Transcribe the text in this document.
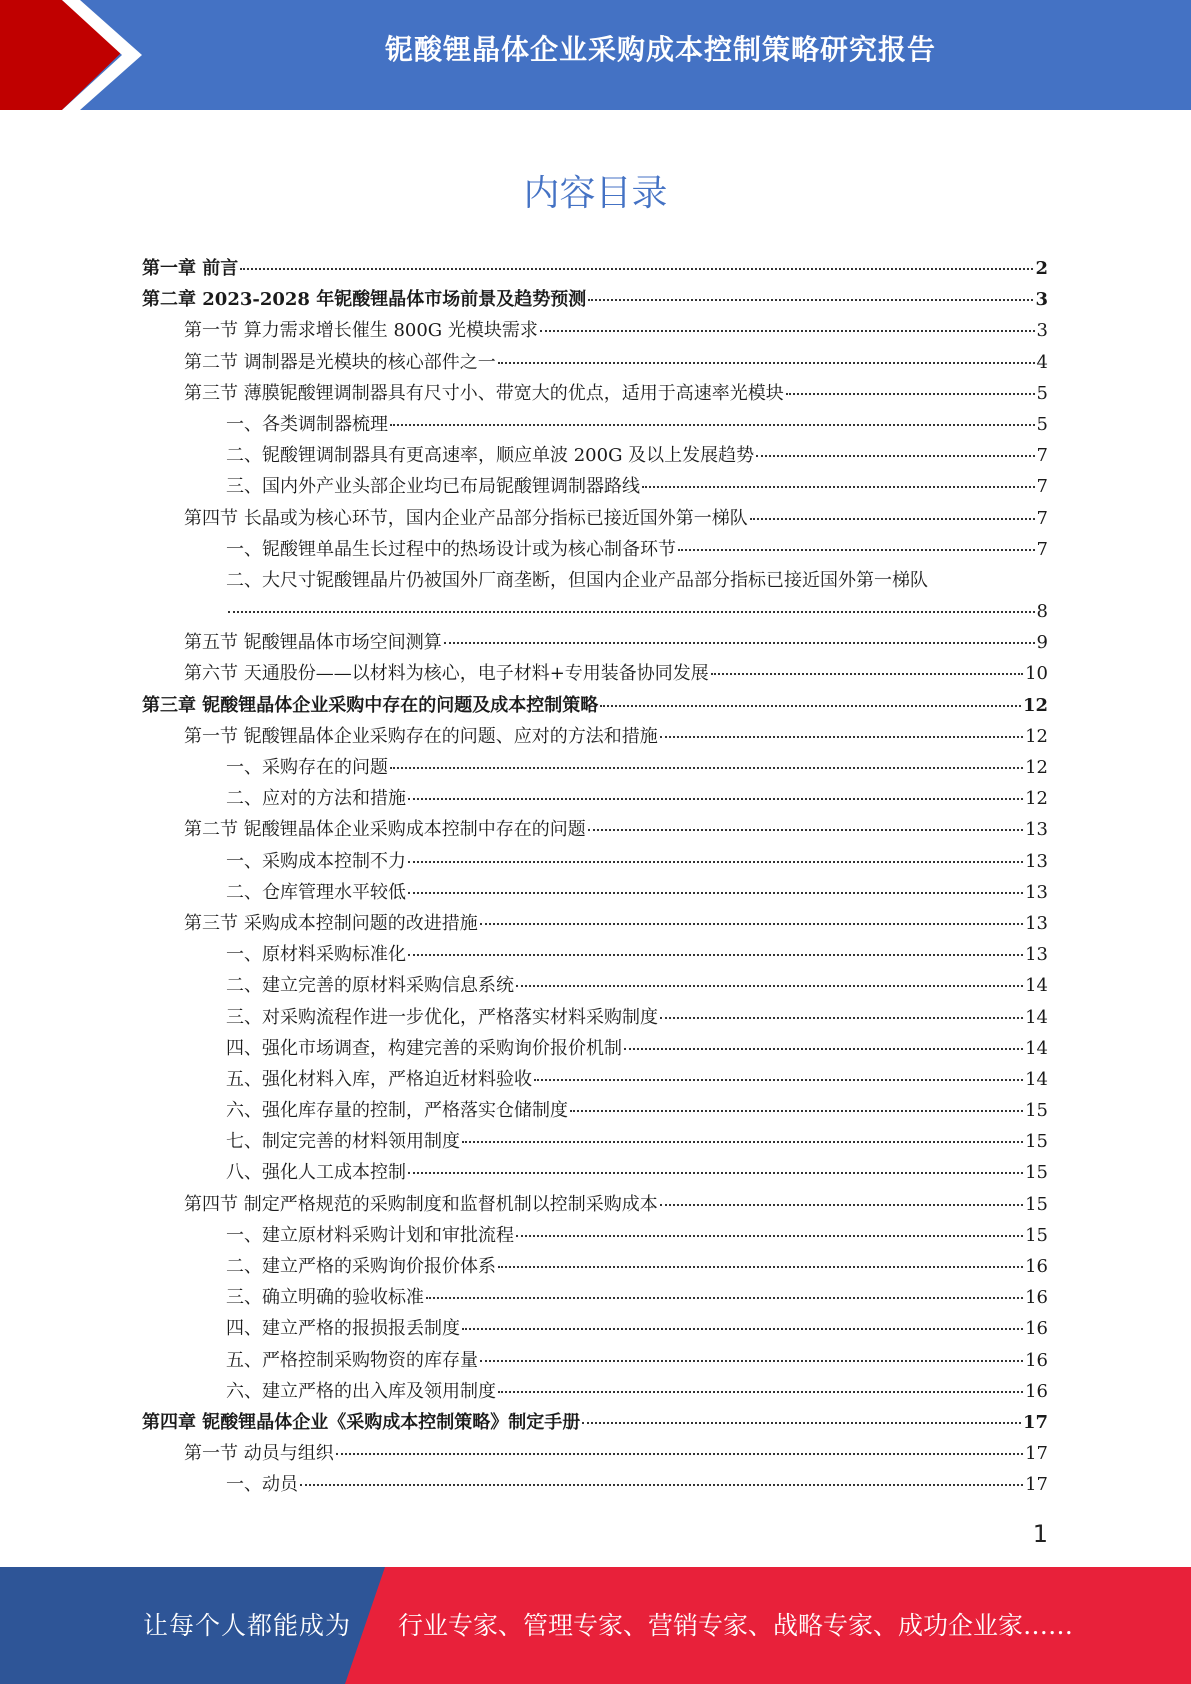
铌酸锂晶体企业采购成本控制策略研究报告
内容目录
第一章 前言	2
第二章 2023-2028 年铌酸锂晶体市场前景及趋势预测	3
第一节 算力需求增长催生 800G 光模块需求	3
第二节 调制器是光模块的核心部件之一	4
第三节 薄膜铌酸锂调制器具有尺寸小、带宽大的优点，适用于高速率光模块	5
一、各类调制器梳理	5
二、铌酸锂调制器具有更高速率，顺应单波 200G 及以上发展趋势	7
三、国内外产业头部企业均已布局铌酸锂调制器路线	7
第四节 长晶或为核心环节，国内企业产品部分指标已接近国外第一梯队	7
一、铌酸锂单晶生长过程中的热场设计或为核心制备环节	7
二、大尺寸铌酸锂晶片仍被国外厂商垄断，但国内企业产品部分指标已接近国外第一梯队
8
第五节 铌酸锂晶体市场空间测算	9
第六节 天通股份——以材料为核心，电子材料+专用装备协同发展	10
第三章 铌酸锂晶体企业采购中存在的问题及成本控制策略	12
第一节 铌酸锂晶体企业采购存在的问题、应对的方法和措施	12
一、采购存在的问题	12
二、应对的方法和措施	12
第二节 铌酸锂晶体企业采购成本控制中存在的问题	13
一、采购成本控制不力	13
二、仓库管理水平较低	13
第三节 采购成本控制问题的改进措施	13
一、原材料采购标准化	13
二、建立完善的原材料采购信息系统	14
三、对采购流程作进一步优化，严格落实材料采购制度	14
四、强化市场调查，构建完善的采购询价报价机制	14
五、强化材料入库，严格迫近材料验收	14
六、强化库存量的控制，严格落实仓储制度	15
七、制定完善的材料领用制度	15
八、强化人工成本控制	15
第四节 制定严格规范的采购制度和监督机制以控制采购成本	15
一、建立原材料采购计划和审批流程	15
二、建立严格的采购询价报价体系	16
三、确立明确的验收标准	16
四、建立严格的报损报丢制度	16
五、严格控制采购物资的库存量	16
六、建立严格的出入库及领用制度	16
第四章 铌酸锂晶体企业《采购成本控制策略》制定手册	17
第一节 动员与组织	17
一、动员	17
1
让每个人都能成为 行业专家、管理专家、营销专家、战略专家、成功企业家……
